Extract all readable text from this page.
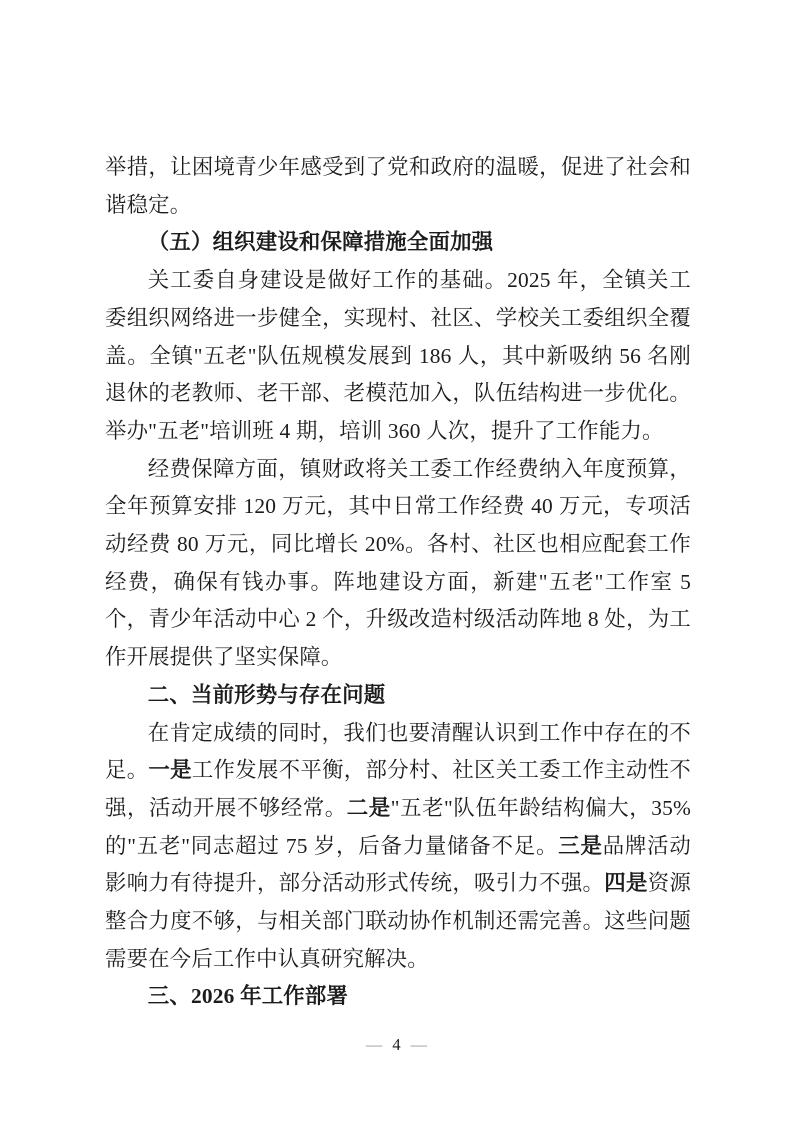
举措，让困境青少年感受到了党和政府的温暖，促进了社会和谐稳定。

（五）组织建设和保障措施全面加强

关工委自身建设是做好工作的基础。2025 年，全镇关工委组织网络进一步健全，实现村、社区、学校关工委组织全覆盖。全镇"五老"队伍规模发展到 186 人，其中新吸纳 56 名刚退休的老教师、老干部、老模范加入，队伍结构进一步优化。举办"五老"培训班 4 期，培训 360 人次，提升了工作能力。

经费保障方面，镇财政将关工委工作经费纳入年度预算，全年预算安排 120 万元，其中日常工作经费 40 万元，专项活动经费 80 万元，同比增长 20%。各村、社区也相应配套工作经费，确保有钱办事。阵地建设方面，新建"五老"工作室 5 个，青少年活动中心 2 个，升级改造村级活动阵地 8 处，为工作开展提供了坚实保障。

二、当前形势与存在问题

在肯定成绩的同时，我们也要清醒认识到工作中存在的不足。一是工作发展不平衡，部分村、社区关工委工作主动性不强，活动开展不够经常。二是"五老"队伍年龄结构偏大，35%的"五老"同志超过 75 岁，后备力量储备不足。三是品牌活动影响力有待提升，部分活动形式传统，吸引力不强。四是资源整合力度不够，与相关部门联动协作机制还需完善。这些问题需要在今后工作中认真研究解决。

三、2026 年工作部署

— 4 —
